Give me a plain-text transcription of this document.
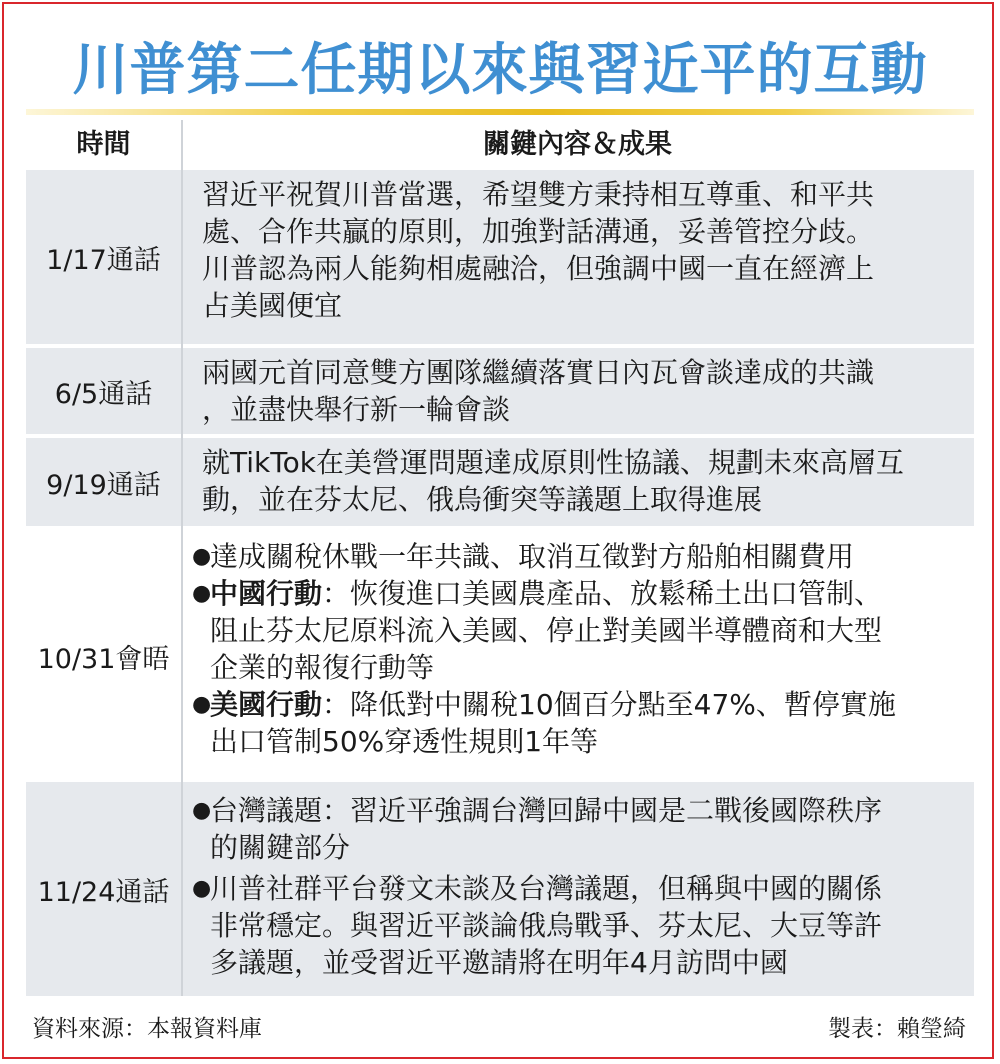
川普第二任期以來與習近平的互動
時間	關鍵內容＆成果
1/17通話
習近平祝賀川普當選，希望雙方秉持相互尊重、和平共
處、合作共贏的原則，加強對話溝通，妥善管控分歧。
川普認為兩人能夠相處融洽，但強調中國一直在經濟上
占美國便宜
6/5通話
兩國元首同意雙方團隊繼續落實日內瓦會談達成的共識
，並盡快舉行新一輪會談
9/19通話
就TikTok在美營運問題達成原則性協議、規劃未來高層互
動，並在芬太尼、俄烏衝突等議題上取得進展
10/31會晤
●
達成關稅休戰一年共識、取消互徵對方船舶相關費用
●
中國行動：恢復進口美國農產品、放鬆稀土出口管制、
阻止芬太尼原料流入美國、停止對美國半導體商和大型
企業的報復行動等
●
美國行動：降低對中關稅10個百分點至47%、暫停實施
出口管制50%穿透性規則1年等
11/24通話
●
台灣議題：習近平強調台灣回歸中國是二戰後國際秩序
的關鍵部分
●
川普社群平台發文未談及台灣議題，但稱與中國的關係
非常穩定。與習近平談論俄烏戰爭、芬太尼、大豆等許
多議題，並受習近平邀請將在明年4月訪問中國
資料來源：本報資料庫	製表：賴瑩綺
